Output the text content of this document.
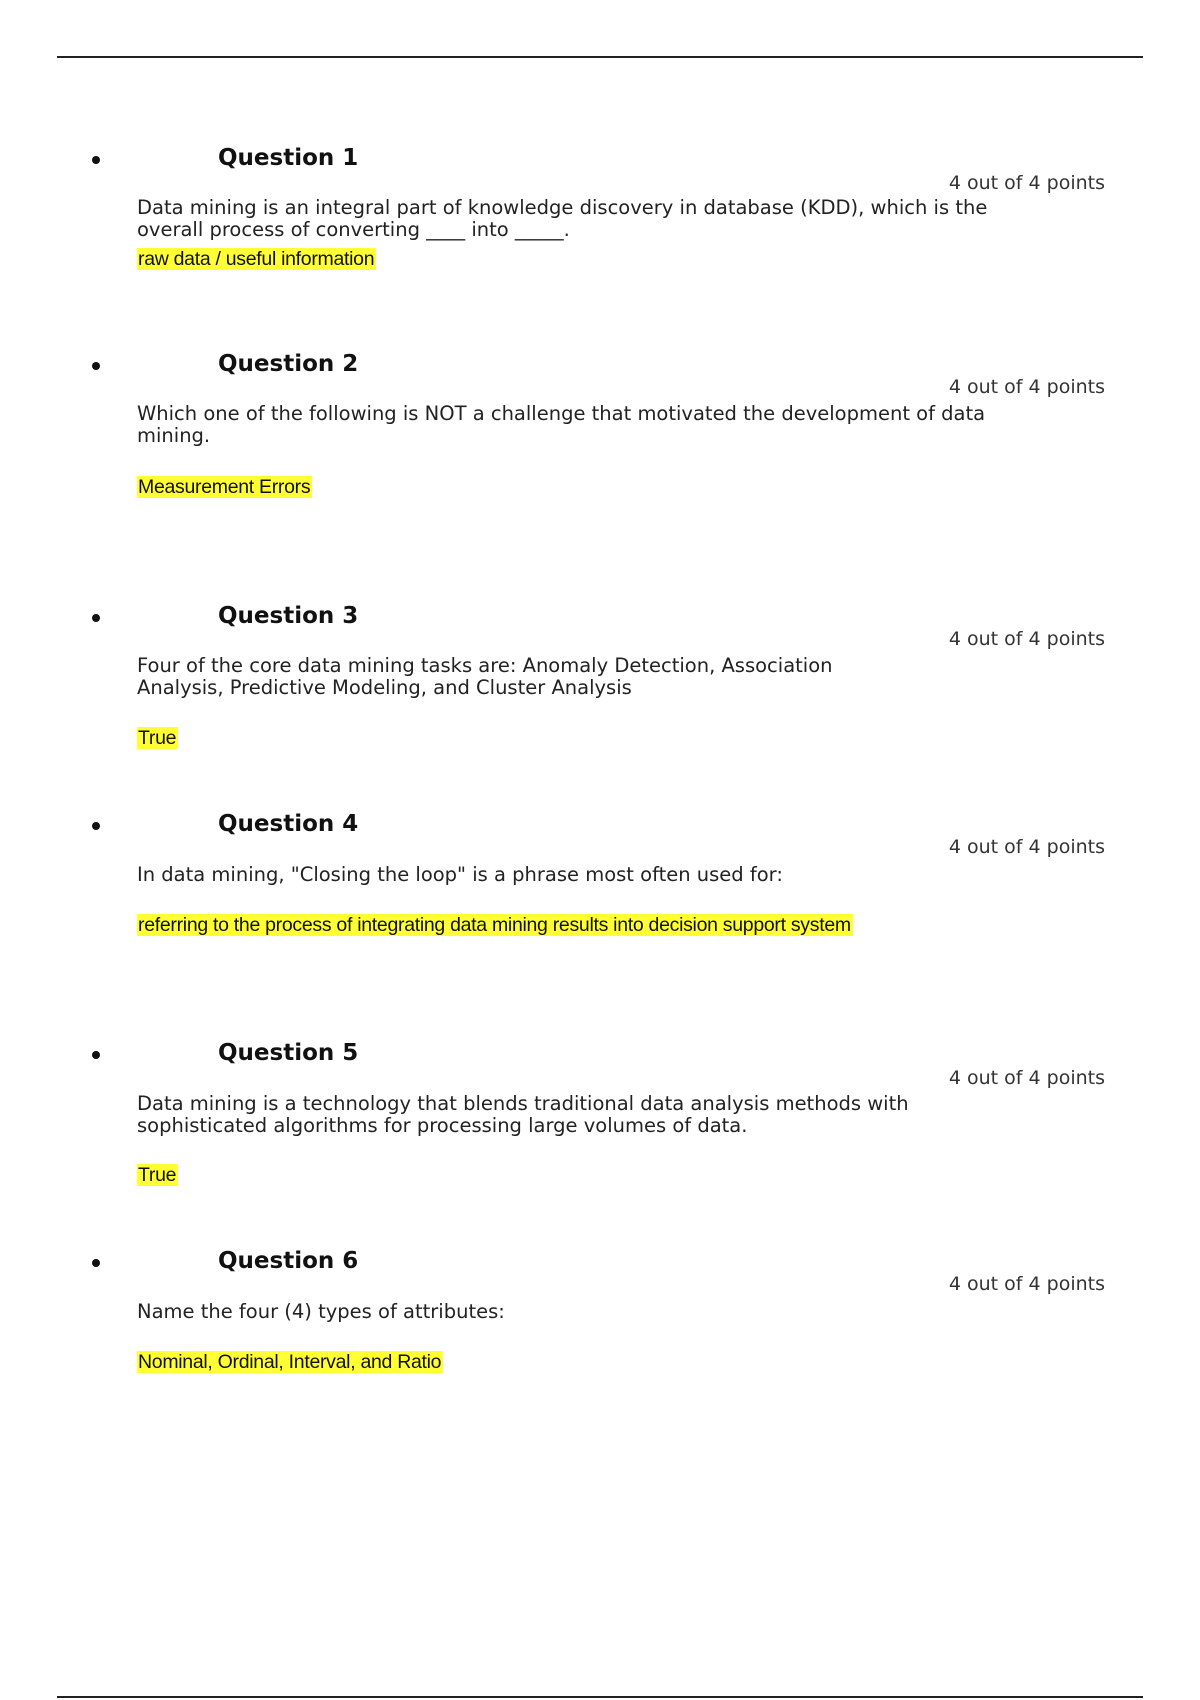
Question 1
4 out of 4 points
Data mining is an integral part of knowledge discovery in database (KDD), which is the overall process of converting ____ into _____.
raw data / useful information
Question 2
4 out of 4 points
Which one of the following is NOT a challenge that motivated the development of data mining.
Measurement Errors
Question 3
4 out of 4 points
Four of the core data mining tasks are: Anomaly Detection, Association Analysis, Predictive Modeling, and Cluster Analysis
True
Question 4
4 out of 4 points
In data mining, "Closing the loop" is a phrase most often used for:
referring to the process of integrating data mining results into decision support system
Question 5
4 out of 4 points
Data mining is a technology that blends traditional data analysis methods with sophisticated algorithms for processing large volumes of data.
True
Question 6
4 out of 4 points
Name the four (4) types of attributes:
Nominal, Ordinal, Interval, and Ratio
